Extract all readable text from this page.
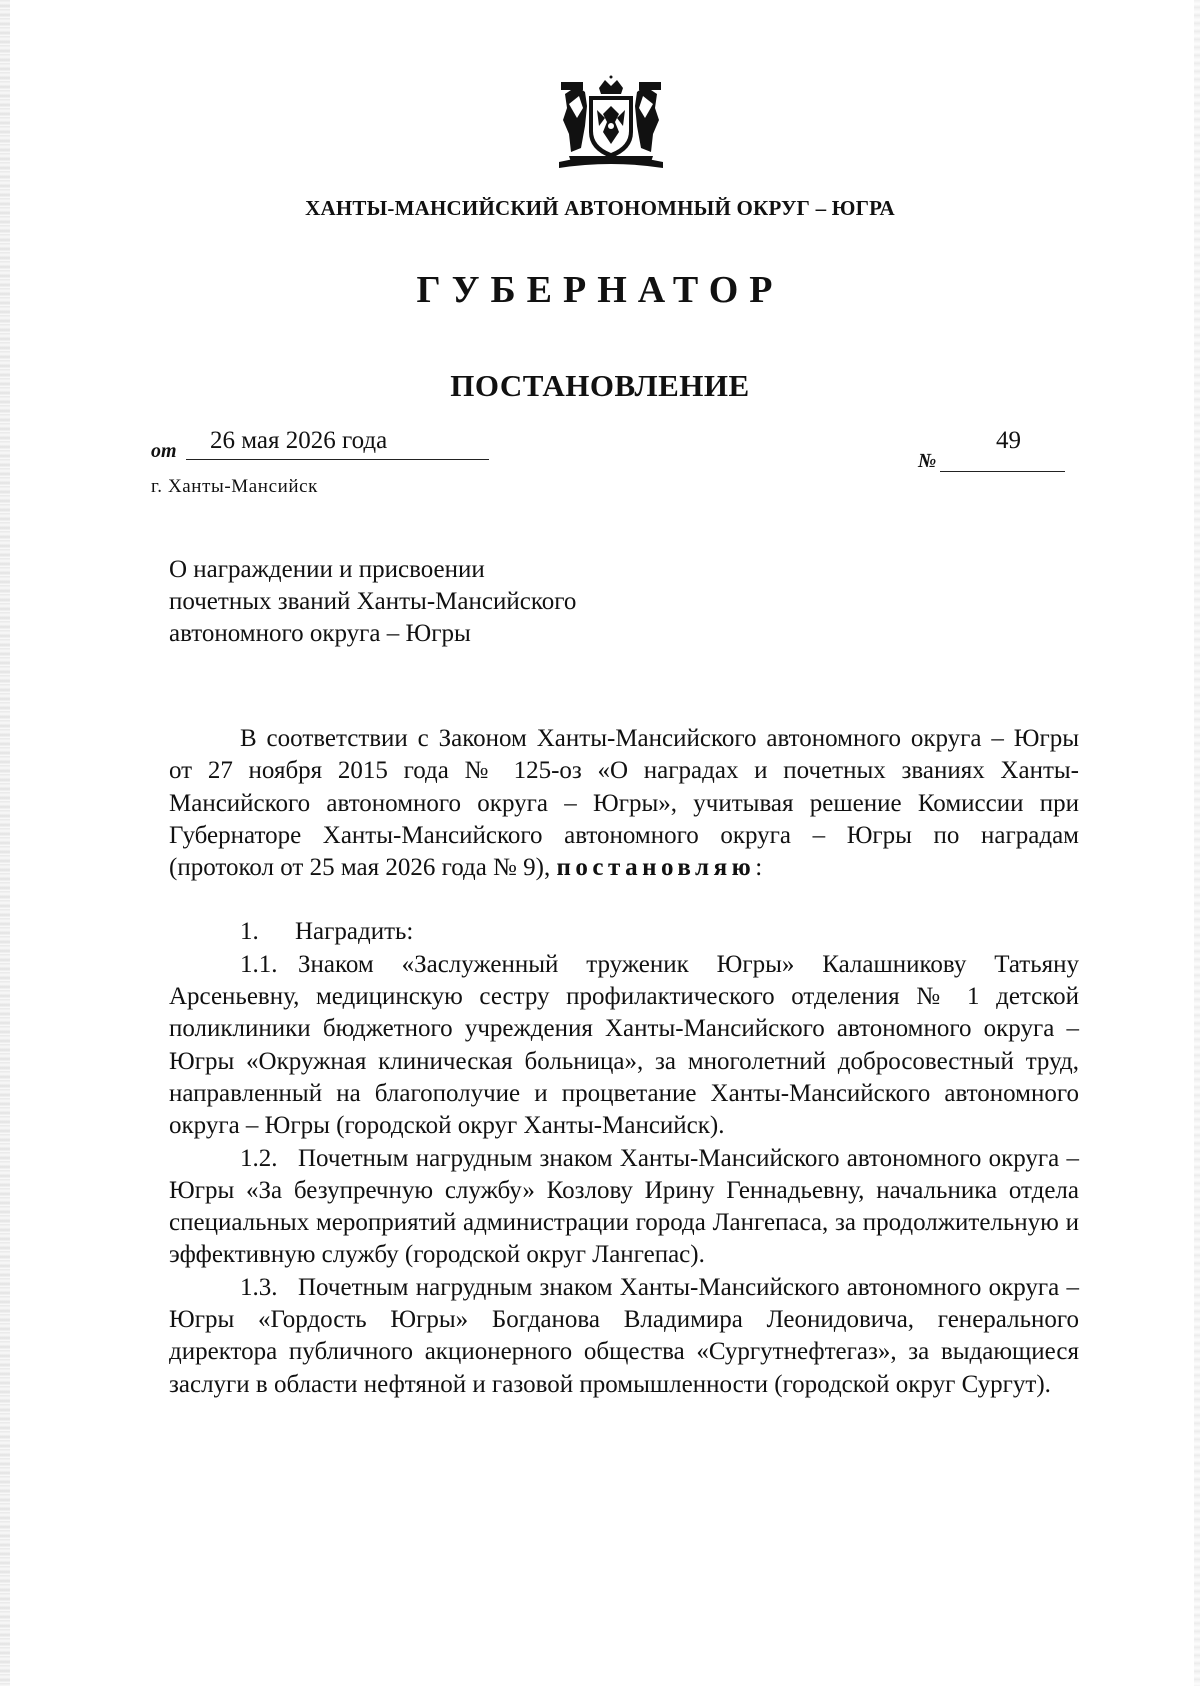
ХАНТЫ-МАНСИЙСКИЙ АВТОНОМНЫЙ ОКРУГ – ЮГРА
ГУБЕРНАТОР
ПОСТАНОВЛЕНИЕ
от 26 мая 2026 года
№
49
г. Ханты-Мансийск
О награждении и присвоении
почетных званий Ханты-Мансийского
автономного округа – Югры

В соответствии с Законом Ханты-Мансийского автономного округа – Югры от 27 ноября 2015 года № 125-оз «О наградах и почетных званиях Ханты-Мансийского автономного округа – Югры», учитывая решение Комиссии при Губернаторе Ханты-Мансийского автономного округа – Югры по наградам (протокол от 25 мая 2026 года № 9), постановляю:

1. Наградить:

1.1. Знаком «Заслуженный труженик Югры» Калашникову Татьяну Арсеньевну, медицинскую сестру профилактического отделения № 1 детской поликлиники бюджетного учреждения Ханты-Мансийского автономного округа – Югры «Окружная клиническая больница», за многолетний добросовестный труд, направленный на благополучие и процветание Ханты-Мансийского автономного округа – Югры (городской округ Ханты-Мансийск).

1.2. Почетным нагрудным знаком Ханты-Мансийского автономного округа – Югры «За безупречную службу» Козлову Ирину Геннадьевну, начальника отдела специальных мероприятий администрации города Лангепаса, за продолжительную и эффективную службу (городской округ Лангепас).

1.3. Почетным нагрудным знаком Ханты-Мансийского автономного округа – Югры «Гордость Югры» Богданова Владимира Леонидовича, генерального директора публичного акционерного общества «Сургутнефтегаз», за выдающиеся заслуги в области нефтяной и газовой промышленности (городской округ Сургут).
